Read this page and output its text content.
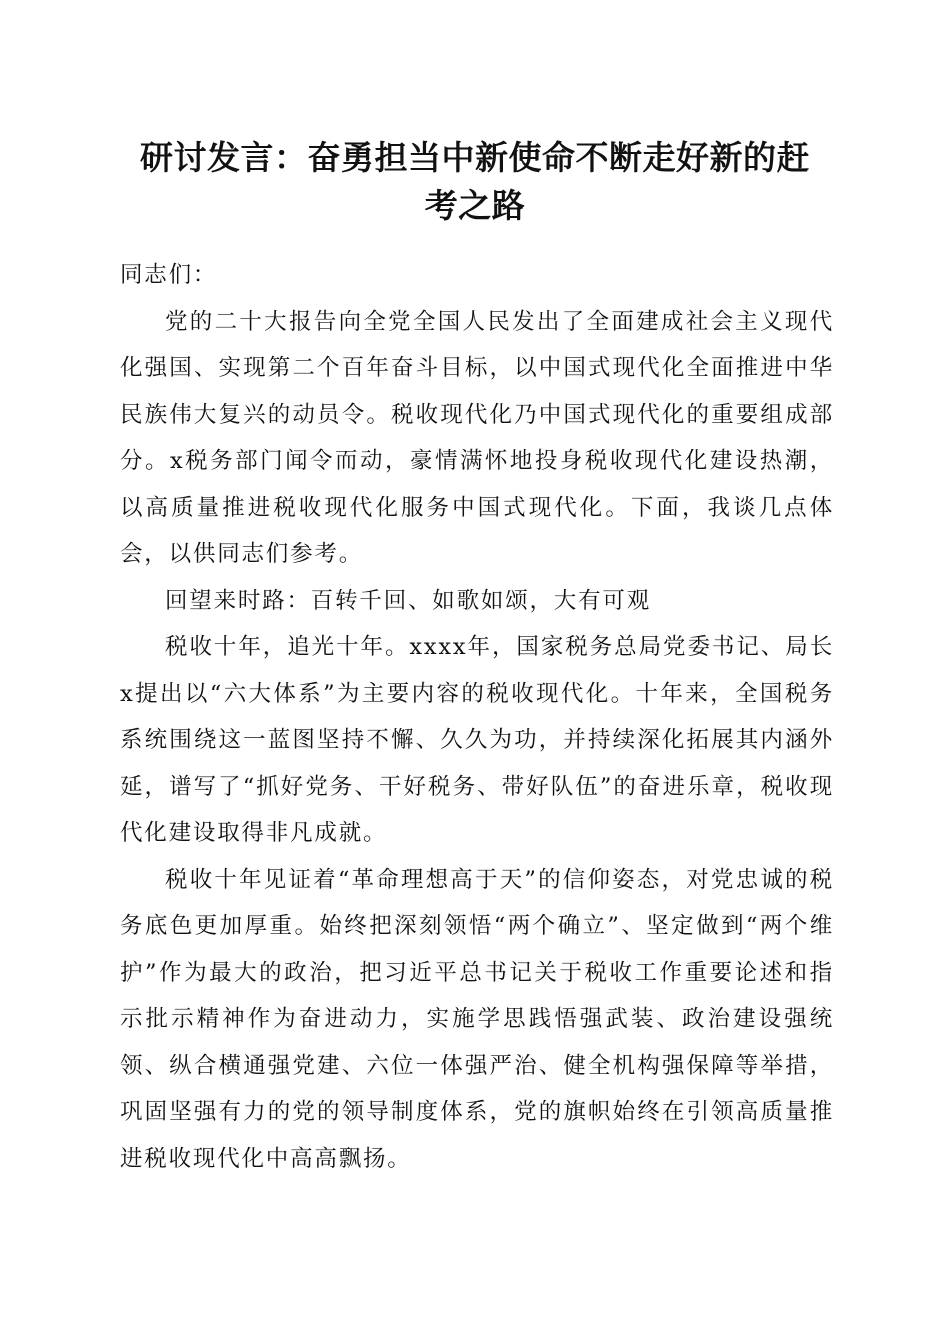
研讨发言：奋勇担当中新使命不断走好新的赶
考之路

同志们：

党的二十大报告向全党全国人民发出了全面建成社会主义现代化强国、实现第二个百年奋斗目标，以中国式现代化全面推进中华民族伟大复兴的动员令。税收现代化乃中国式现代化的重要组成部分。x税务部门闻令而动，豪情满怀地投身税收现代化建设热潮，以高质量推进税收现代化服务中国式现代化。下面，我谈几点体会，以供同志们参考。

回望来时路：百转千回、如歌如颂，大有可观

税收十年，追光十年。xxxx年，国家税务总局党委书记、局长x提出以“六大体系”为主要内容的税收现代化。十年来，全国税务系统围绕这一蓝图坚持不懈、久久为功，并持续深化拓展其内涵外延，谱写了“抓好党务、干好税务、带好队伍”的奋进乐章，税收现代化建设取得非凡成就。

税收十年见证着“革命理想高于天”的信仰姿态，对党忠诚的税务底色更加厚重。始终把深刻领悟“两个确立”、坚定做到“两个维护”作为最大的政治，把习近平总书记关于税收工作重要论述和指示批示精神作为奋进动力，实施学思践悟强武装、政治建设强统领、纵合横通强党建、六位一体强严治、健全机构强保障等举措，巩固坚强有力的党的领导制度体系，党的旗帜始终在引领高质量推进税收现代化中高高飘扬。
